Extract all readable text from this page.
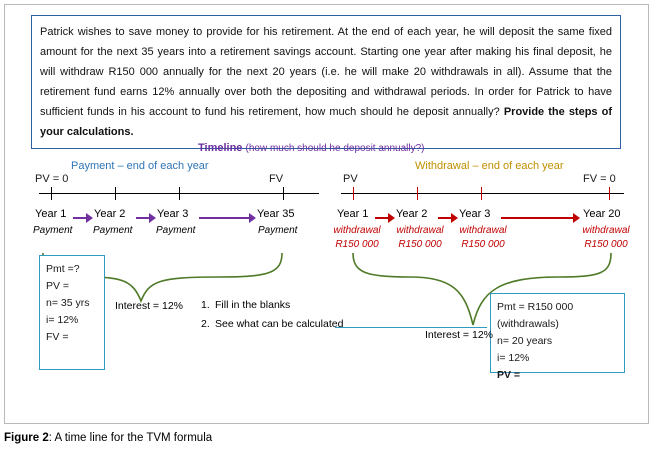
Patrick wishes to save money to provide for his retirement. At the end of each year, he will deposit the same fixed amount for the next 35 years into a retirement savings account. Starting one year after making his final deposit, he will withdraw R150 000 annually for the next 20 years (i.e. he will make 20 withdrawals in all). Assume that the retirement fund earns 12% annually over both the depositing and withdrawal periods. In order for Patrick to have sufficient funds in his account to fund his retirement, how much should he deposit annually? Provide the steps of your calculations.
Timeline (how much should he deposit annually?)
Payment – end of each year	Withdrawal – end of each year
PV = 0	FV
Year 1	Year 2	Year 3	Year 35
Payment Payment Payment	Payment
PV	FV = 0
Year 1	Year 2	Year 3	Year 20
withdrawal	withdrawal	withdrawal	withdrawal
R150 000	R150 000	R150 000	R150 000
Pmt =?
PV =
n= 35 yrs
i= 12%
FV =
Pmt = R150 000 (withdrawals)
n= 20 years
i= 12%
PV =
Interest = 12%
Interest = 12%
1. Fill in the blanks
2. See what can be calculated
Figure 2: A time line for the TVM formula
